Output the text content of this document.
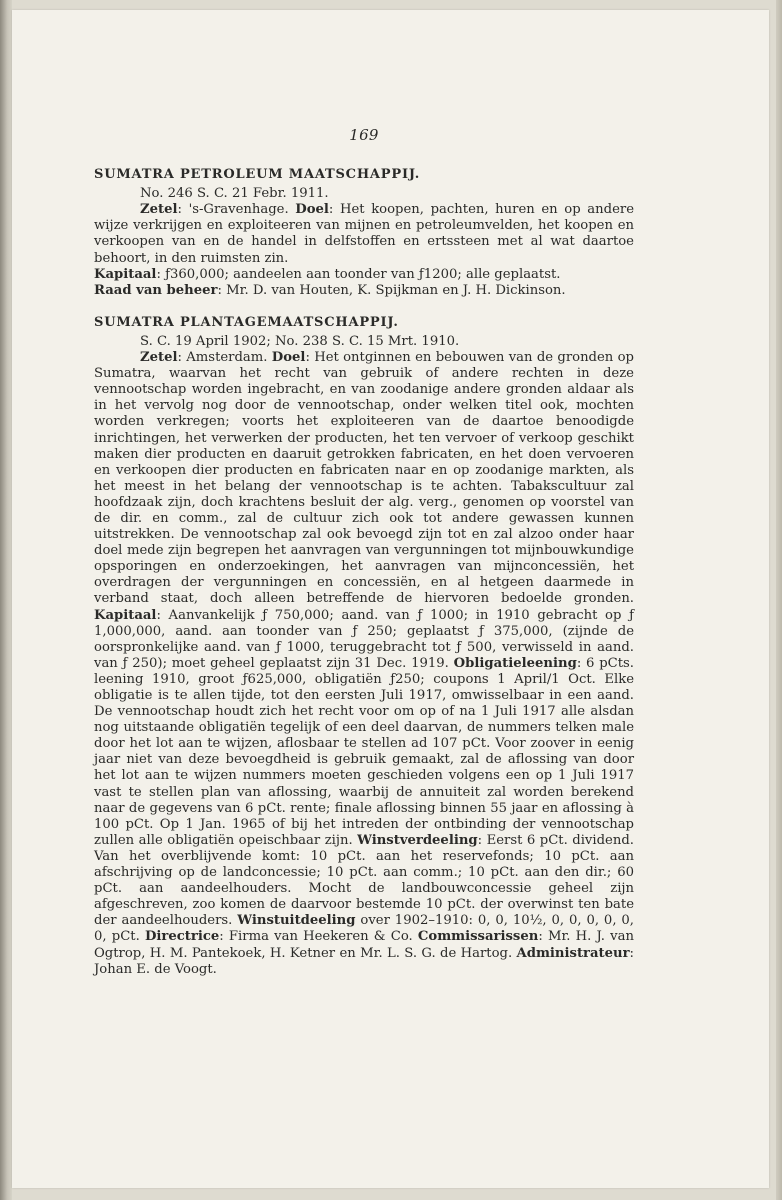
169
SUMATRA PETROLEUM MAATSCHAPPIJ.

No. 246 S. C. 21 Febr. 1911.

Zetel: 's-Gravenhage. Doel: Het koopen, pachten, huren en op andere wijze verkrijgen en exploiteeren van mijnen en petroleumvelden, het koopen en verkoopen van en de handel in delfstoffen en ertssteen met al wat daartoe behoort, in den ruimsten zin.

Kapitaal: ƒ360,000; aandeelen aan toonder van ƒ1200; alle geplaatst.

Raad van beheer: Mr. D. van Houten, K. Spijkman en J. H. Dickinson.

SUMATRA PLANTAGEMAATSCHAPPIJ.

S. C. 19 April 1902; No. 238 S. C. 15 Mrt. 1910.

Zetel: Amsterdam. Doel: Het ontginnen en bebouwen van de gronden op Sumatra, waarvan het recht van gebruik of andere rechten in deze vennootschap worden ingebracht, en van zoodanige andere gronden aldaar als in het vervolg nog door de vennootschap, onder welken titel ook, mochten worden verkregen; voorts het exploiteeren van de daartoe benoodigde inrichtingen, het verwerken der producten, het ten vervoer of verkoop geschikt maken dier producten en daaruit getrokken fabricaten, en het doen vervoeren en verkoopen dier producten en fabricaten naar en op zoodanige markten, als het meest in het belang der vennootschap is te achten. Tabakscultuur zal hoofdzaak zijn, doch krachtens besluit der alg. verg., genomen op voorstel van de dir. en comm., zal de cultuur zich ook tot andere gewassen kunnen uitstrekken. De vennootschap zal ook bevoegd zijn tot en zal alzoo onder haar doel mede zijn begrepen het aanvragen van vergunningen tot mijnbouwkundige opsporingen en onderzoekingen, het aanvragen van mijnconcessiën, het overdragen der vergunningen en concessiën, en al hetgeen daarmede in verband staat, doch alleen betreffende de hiervoren bedoelde gronden. Kapitaal: Aanvankelijk ƒ 750,000; aand. van ƒ 1000; in 1910 gebracht op ƒ 1,000,000, aand. aan toonder van ƒ 250; geplaatst ƒ 375,000, (zijnde de oorspronkelijke aand. van ƒ 1000, teruggebracht tot ƒ 500, verwisseld in aand. van ƒ 250); moet geheel geplaatst zijn 31 Dec. 1919. Obligatieleening: 6 pCts. leening 1910, groot ƒ625,000, obligatiën ƒ250; coupons 1 April/1 Oct. Elke obligatie is te allen tijde, tot den eersten Juli 1917, omwisselbaar in een aand. De vennootschap houdt zich het recht voor om op of na 1 Juli 1917 alle alsdan nog uitstaande obligatiën tegelijk of een deel daarvan, de nummers telken male door het lot aan te wijzen, aflosbaar te stellen ad 107 pCt. Voor zoover in eenig jaar niet van deze bevoegdheid is gebruik gemaakt, zal de aflossing van door het lot aan te wijzen nummers moeten geschieden volgens een op 1 Juli 1917 vast te stellen plan van aflossing, waarbij de annuiteit zal worden berekend naar de gegevens van 6 pCt. rente; finale aflossing binnen 55 jaar en aflossing à 100 pCt. Op 1 Jan. 1965 of bij het intreden der ontbinding der vennootschap zullen alle obligatiën opeischbaar zijn. Winstverdeeling: Eerst 6 pCt. dividend. Van het overblijvende komt: 10 pCt. aan het reservefonds; 10 pCt. aan afschrijving op de landconcessie; 10 pCt. aan comm.; 10 pCt. aan den dir.; 60 pCt. aan aandeelhouders. Mocht de landbouwconcessie geheel zijn afgeschreven, zoo komen de daarvoor bestemde 10 pCt. der overwinst ten bate der aandeelhouders. Winstuitdeeling over 1902–1910: 0, 0, 10½, 0, 0, 0, 0, 0, 0, pCt. Directrice: Firma van Heekeren & Co. Commissarissen: Mr. H. J. van Ogtrop, H. M. Pantekoek, H. Ketner en Mr. L. S. G. de Hartog. Administrateur: Johan E. de Voogt.
